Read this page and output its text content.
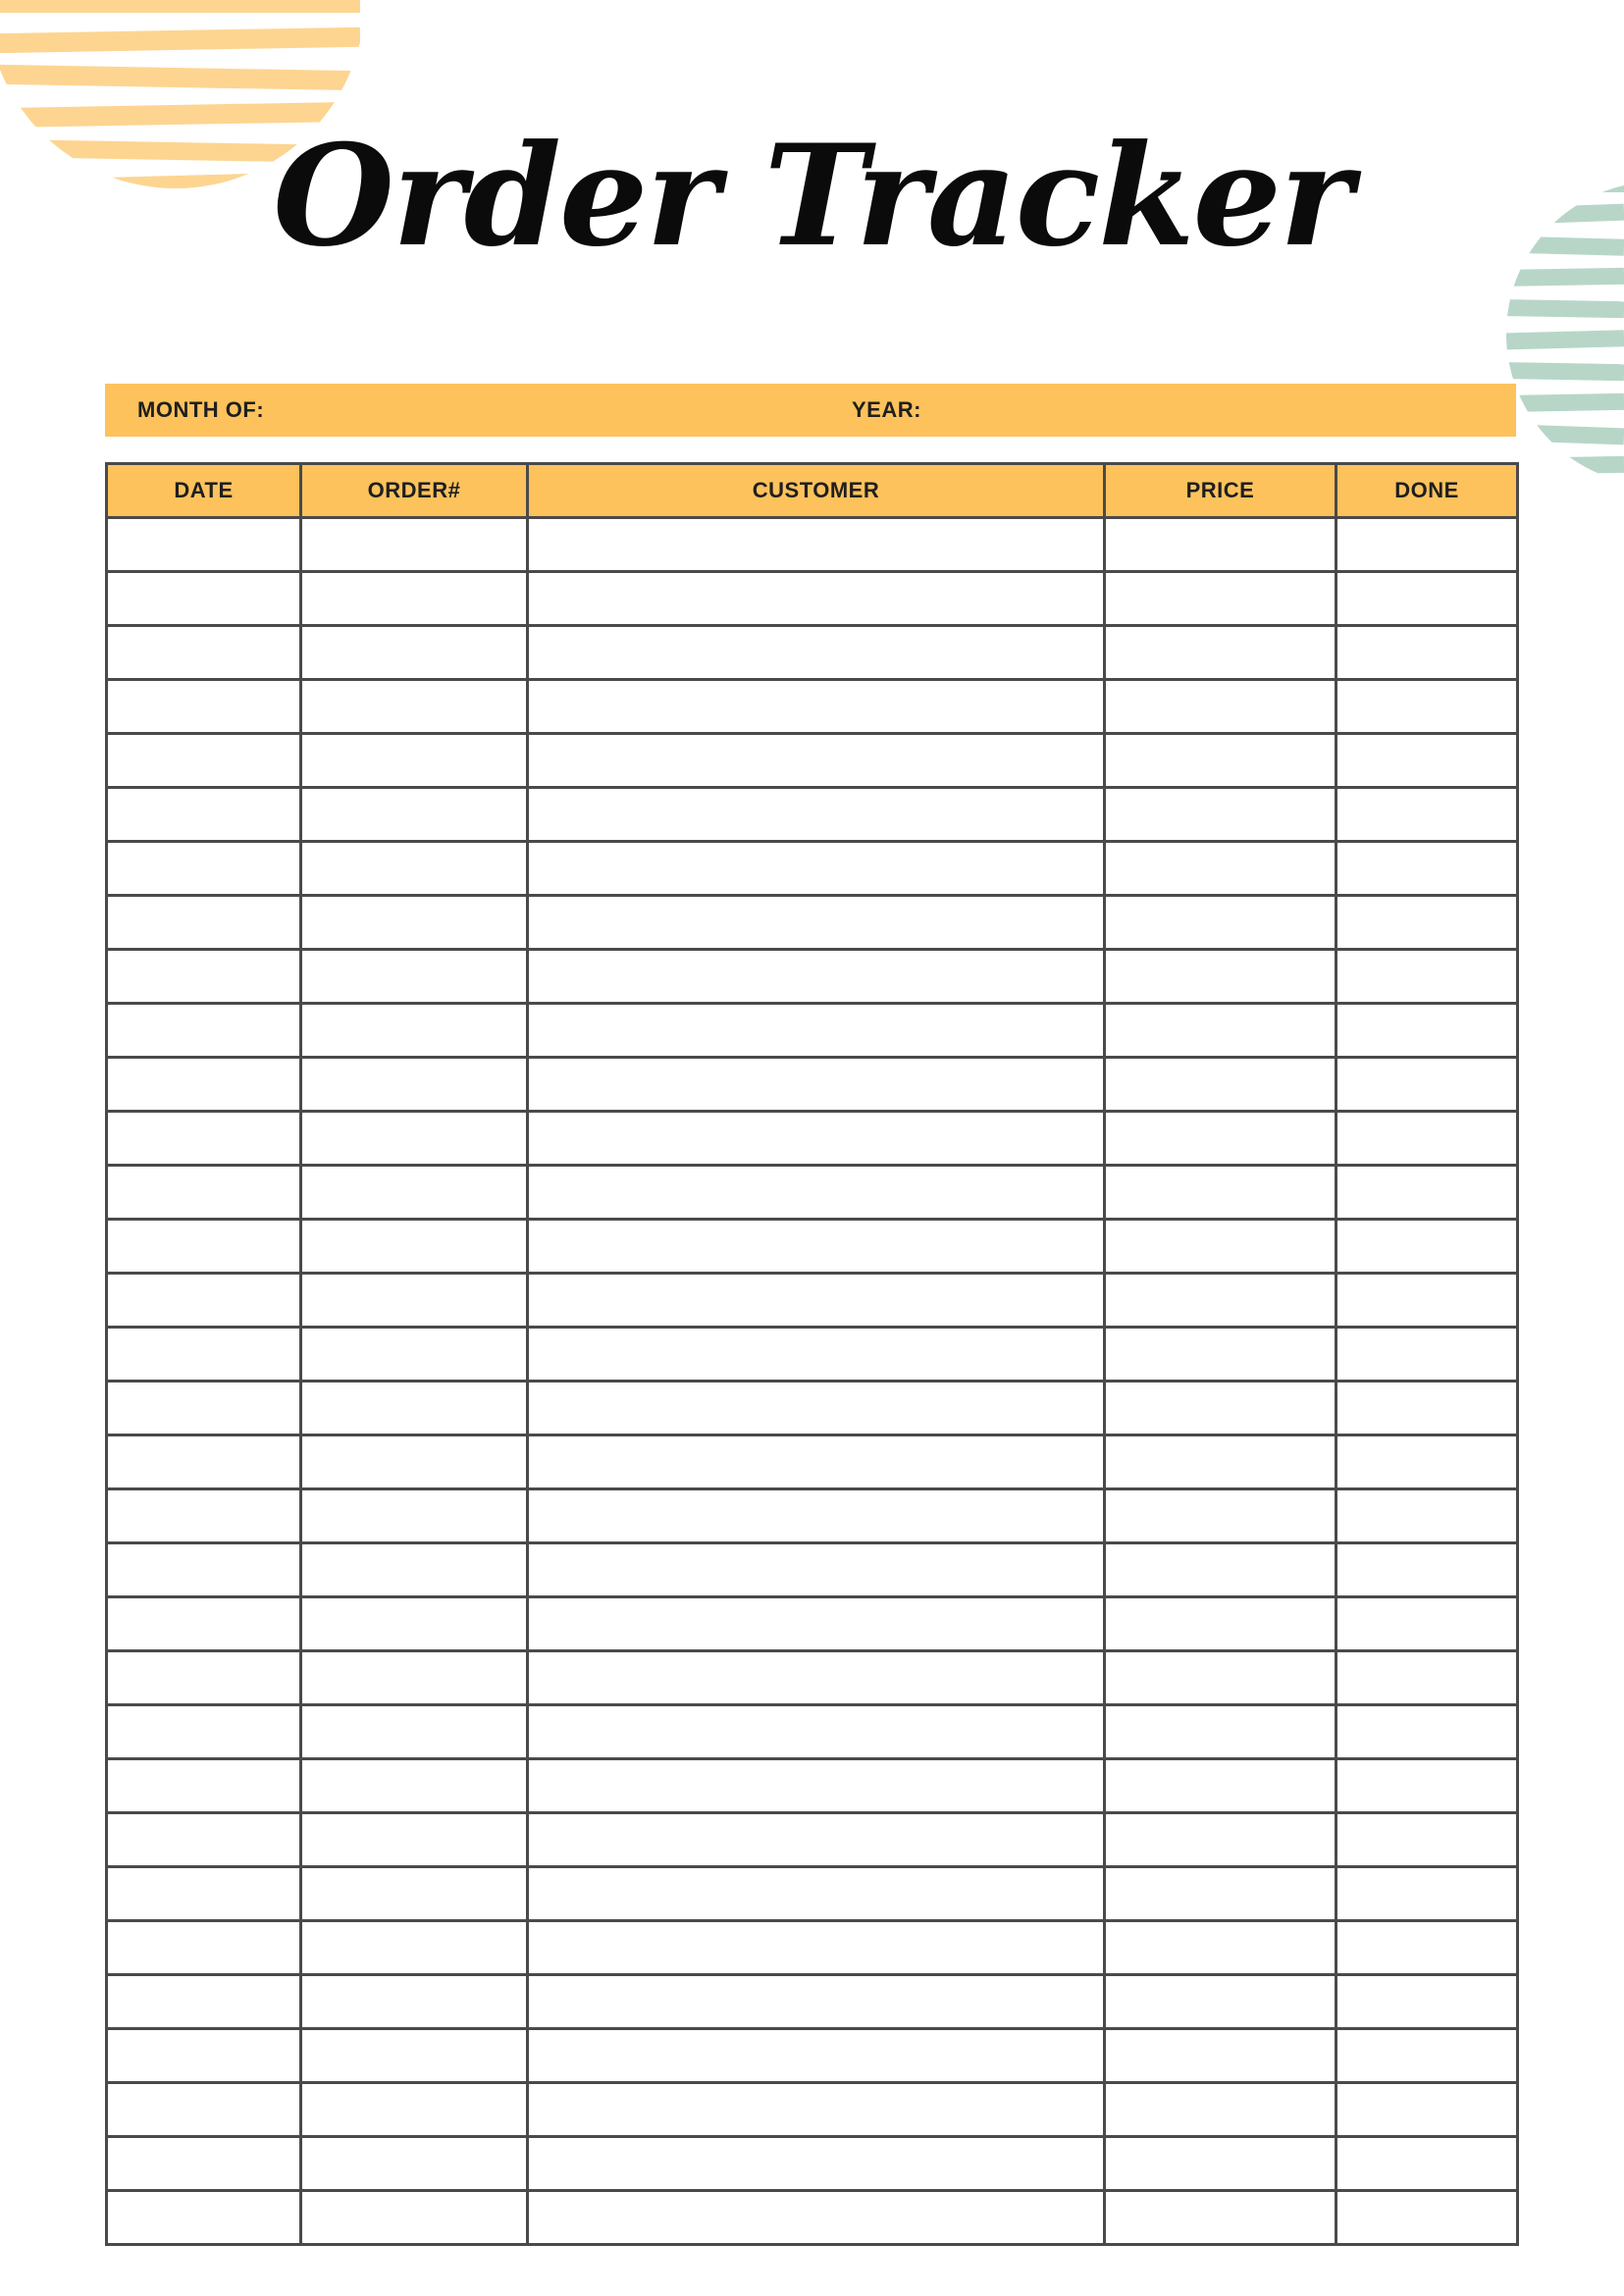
Order Tracker
MONTH OF:	YEAR:
DATE	ORDER#	CUSTOMER	PRICE	DONE
